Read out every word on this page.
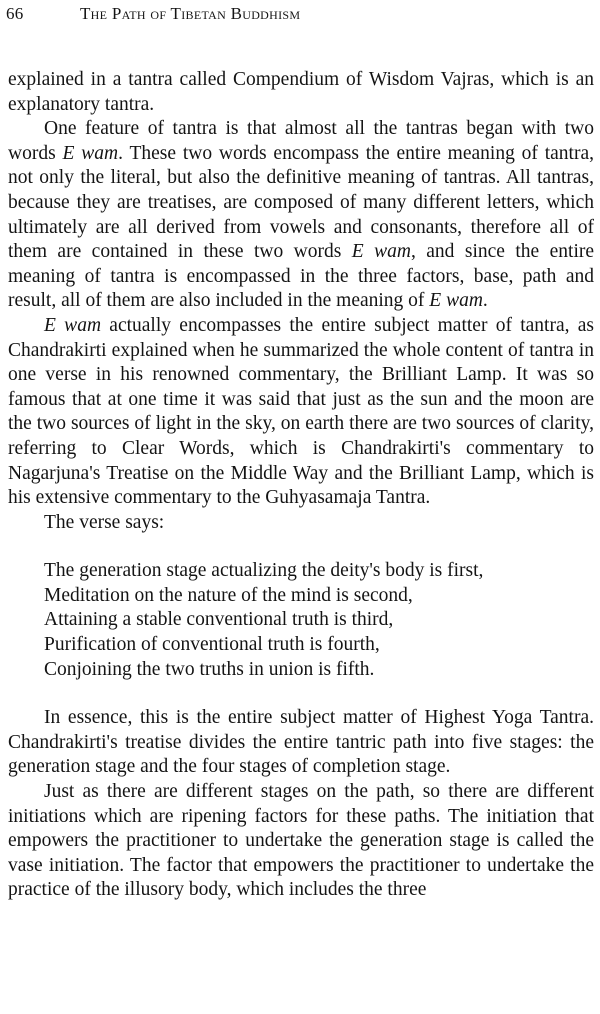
66	The Path of Tibetan Buddhism

explained in a tantra called Compendium of Wisdom Vajras, which is an explanatory tantra.

One feature of tantra is that almost all the tantras began with two words E wam. These two words encompass the entire meaning of tantra, not only the literal, but also the definitive meaning of tantras. All tantras, because they are treatises, are composed of many different letters, which ultimately are all derived from vowels and consonants, therefore all of them are contained in these two words E wam, and since the entire meaning of tantra is encompassed in the three factors, base, path and result, all of them are also included in the meaning of E wam.

E wam actually encompasses the entire subject matter of tantra, as Chandrakirti explained when he summarized the whole content of tantra in one verse in his renowned commentary, the Brilliant Lamp. It was so famous that at one time it was said that just as the sun and the moon are the two sources of light in the sky, on earth there are two sources of clarity, referring to Clear Words, which is Chandrakirti's commentary to Nagarjuna's Treatise on the Middle Way and the Brilliant Lamp, which is his extensive commentary to the Guhyasamaja Tantra.

The verse says:

The generation stage actualizing the deity's body is first,
Meditation on the nature of the mind is second,
Attaining a stable conventional truth is third,
Purification of conventional truth is fourth,
Conjoining the two truths in union is fifth.

In essence, this is the entire subject matter of Highest Yoga Tantra. Chandrakirti's treatise divides the entire tantric path into five stages: the generation stage and the four stages of completion stage.

Just as there are different stages on the path, so there are different initiations which are ripening factors for these paths. The initiation that empowers the practitioner to undertake the generation stage is called the vase initiation. The factor that empowers the practitioner to undertake the practice of the illusory body, which includes the three
